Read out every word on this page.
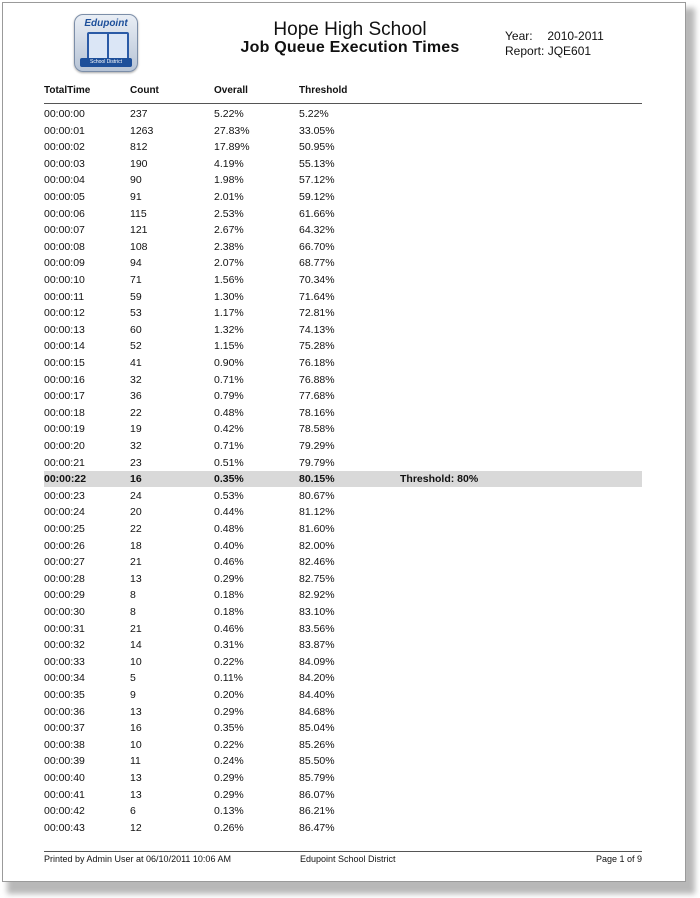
Edupoint
School District
Hope High School
Job Queue Execution Times
Year: 2010-2011
Report: JQE601
TotalTime	Count	Overall	Threshold
00:00:00	237	5.22%	5.22%
00:00:01	1263	27.83%	33.05%
00:00:02	812	17.89%	50.95%
00:00:03	190	4.19%	55.13%
00:00:04	90	1.98%	57.12%
00:00:05	91	2.01%	59.12%
00:00:06	115	2.53%	61.66%
00:00:07	121	2.67%	64.32%
00:00:08	108	2.38%	66.70%
00:00:09	94	2.07%	68.77%
00:00:10	71	1.56%	70.34%
00:00:11	59	1.30%	71.64%
00:00:12	53	1.17%	72.81%
00:00:13	60	1.32%	74.13%
00:00:14	52	1.15%	75.28%
00:00:15	41	0.90%	76.18%
00:00:16	32	0.71%	76.88%
00:00:17	36	0.79%	77.68%
00:00:18	22	0.48%	78.16%
00:00:19	19	0.42%	78.58%
00:00:20	32	0.71%	79.29%
00:00:21	23	0.51%	79.79%
00:00:22	16	0.35%	80.15%	Threshold: 80%
00:00:23	24	0.53%	80.67%
00:00:24	20	0.44%	81.12%
00:00:25	22	0.48%	81.60%
00:00:26	18	0.40%	82.00%
00:00:27	21	0.46%	82.46%
00:00:28	13	0.29%	82.75%
00:00:29	8	0.18%	82.92%
00:00:30	8	0.18%	83.10%
00:00:31	21	0.46%	83.56%
00:00:32	14	0.31%	83.87%
00:00:33	10	0.22%	84.09%
00:00:34	5	0.11%	84.20%
00:00:35	9	0.20%	84.40%
00:00:36	13	0.29%	84.68%
00:00:37	16	0.35%	85.04%
00:00:38	10	0.22%	85.26%
00:00:39	11	0.24%	85.50%
00:00:40	13	0.29%	85.79%
00:00:41	13	0.29%	86.07%
00:00:42	6	0.13%	86.21%
00:00:43	12	0.26%	86.47%
Printed by Admin User at 06/10/2011 10:06 AM	Edupoint School District	Page 1 of 9
